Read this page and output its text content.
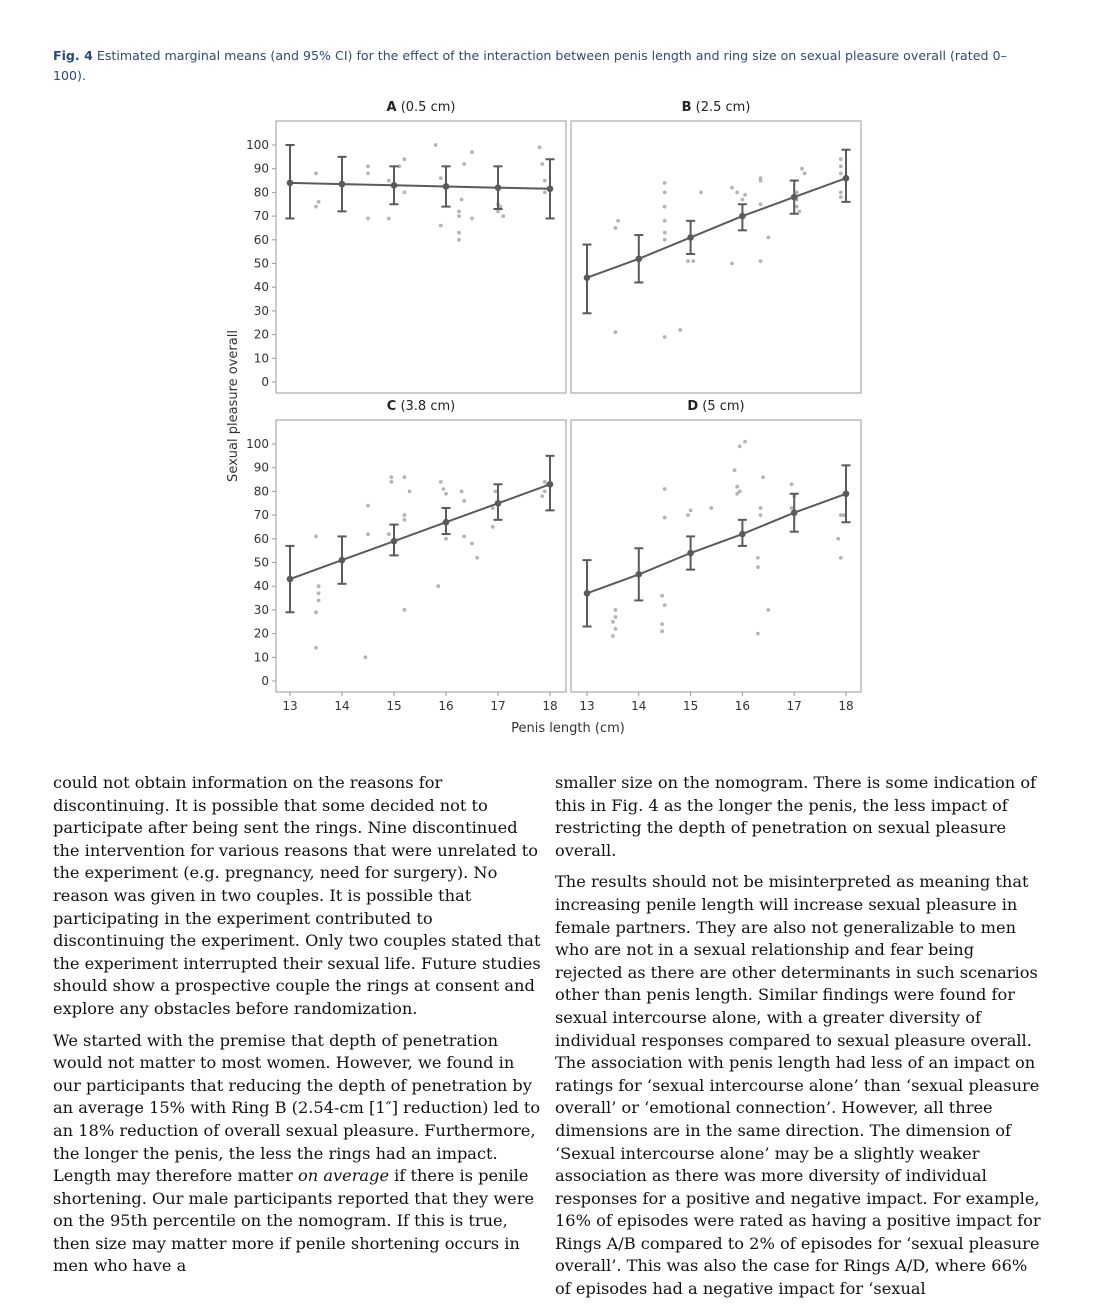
Fig. 4 Estimated marginal means (and 95% CI) for the effect of the interaction between penis length and ring size on sexual pleasure overall (rated 0–100).
A (0.5 cm)
0
10
20
30
40
50
60
70
80
90
100
B (2.5 cm)
C (3.8 cm)
0
10
20
30
40
50
60
70
80
90
100
13	14	15	16	17	18
D (5 cm)
13	14	15	16	17	18
Penis length (cm)
Sexual pleasure overall

could not obtain information on the reasons for discontinuing. It is possible that some decided not to participate after being sent the rings. Nine discontinued the intervention for various reasons that were unrelated to the experiment (e.g. pregnancy, need for surgery). No reason was given in two couples. It is possible that participating in the experiment contributed to discontinuing the experiment. Only two couples stated that the experiment interrupted their sexual life. Future studies should show a prospective couple the rings at consent and explore any obstacles before randomization.

We started with the premise that depth of penetration would not matter to most women. However, we found in our participants that reducing the depth of penetration by an average 15% with Ring B (2.54-cm [1″] reduction) led to an 18% reduction of overall sexual pleasure. Furthermore, the longer the penis, the less the rings had an impact. Length may therefore matter on average if there is penile shortening. Our male participants reported that they were on the 95th percentile on the nomogram. If this is true, then size may matter more if penile shortening occurs in men who have a

smaller size on the nomogram. There is some indication of this in Fig. 4 as the longer the penis, the less impact of restricting the depth of penetration on sexual pleasure overall.

The results should not be misinterpreted as meaning that increasing penile length will increase sexual pleasure in female partners. They are also not generalizable to men who are not in a sexual relationship and fear being rejected as there are other determinants in such scenarios other than penis length. Similar findings were found for sexual intercourse alone, with a greater diversity of individual responses compared to sexual pleasure overall. The association with penis length had less of an impact on ratings for ‘sexual intercourse alone’ than ‘sexual pleasure overall’ or ‘emotional connection’. However, all three dimensions are in the same direction. The dimension of ‘Sexual intercourse alone’ may be a slightly weaker association as there was more diversity of individual responses for a positive and negative impact. For example, 16% of episodes were rated as having a positive impact for Rings A/B compared to 2% of episodes for ‘sexual pleasure overall’. This was also the case for Rings A/D, where 66% of episodes had a negative impact for ‘sexual
